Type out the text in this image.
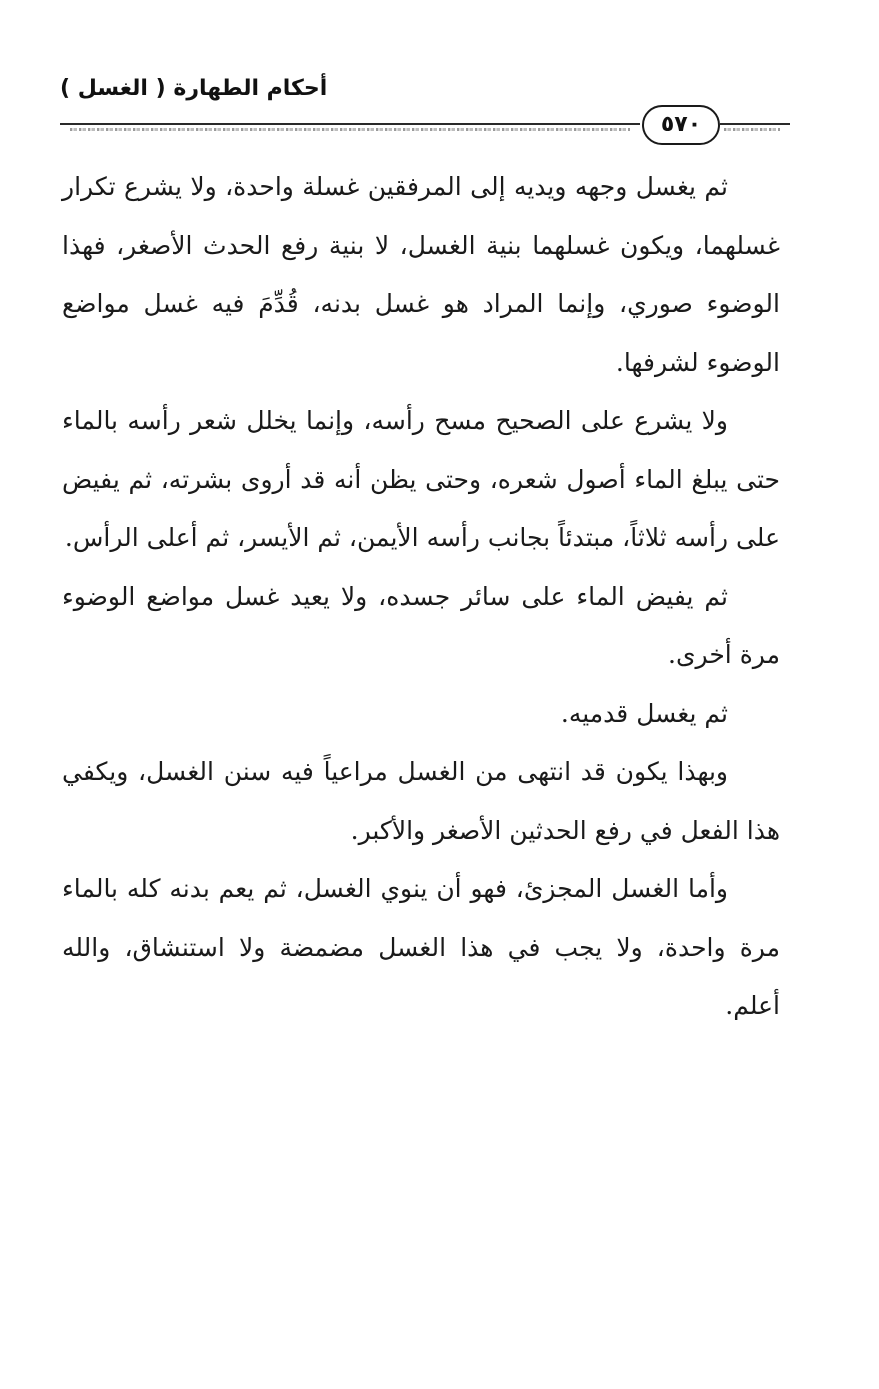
أحكام الطهارة ( الغسل )
٥٧٠

ثم يغسل وجهه ويديه إلى المرفقين غسلة واحدة، ولا يشرع تكرار غسلهما، ويكون غسلهما بنية الغسل، لا بنية رفع الحدث الأصغر، فهذا الوضوء صوري، وإنما المراد هو غسل بدنه، قُدِّمَ فيه غسل مواضع الوضوء لشرفها.

ولا يشرع على الصحيح مسح رأسه، وإنما يخلل شعر رأسه بالماء حتى يبلغ الماء أصول شعره، وحتى يظن أنه قد أروى بشرته، ثم يفيض على رأسه ثلاثاً، مبتدئاً بجانب رأسه الأيمن، ثم الأيسر، ثم أعلى الرأس.

ثم يفيض الماء على سائر جسده، ولا يعيد غسل مواضع الوضوء مرة أخرى.

ثم يغسل قدميه.

وبهذا يكون قد انتهى من الغسل مراعياً فيه سنن الغسل، ويكفي هذا الفعل في رفع الحدثين الأصغر والأكبر.

وأما الغسل المجزئ، فهو أن ينوي الغسل، ثم يعم بدنه كله بالماء مرة واحدة، ولا يجب في هذا الغسل مضمضة ولا استنشاق، والله أعلم.
